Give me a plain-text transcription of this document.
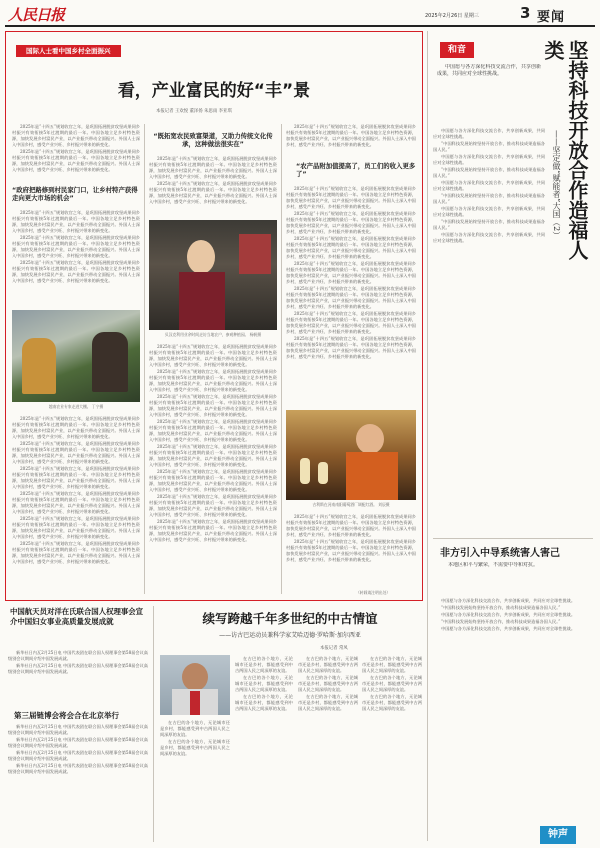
人民日报	2025年2月26日 星期三	3 要闻
国际人士看中国乡村全面振兴
看，产业富民的好“丰”景
本报记者 王欢悦 董泽扬 朱思雨 李亚琪

2025年是“十四五”规划收官之年，是巩固拓展脱贫攻坚成果同乡村振兴有效衔接5年过渡期的最后一年。中国各地立足乡村特色资源，加快发展乡村富民产业，以产业振兴带动全面振兴。外国人士深入中国乡村，感受产业兴旺、乡村振兴带来的新变化。

2025年是“十四五”规划收官之年，是巩固拓展脱贫攻坚成果同乡村振兴有效衔接5年过渡期的最后一年。中国各地立足乡村特色资源，加快发展乡村富民产业，以产业振兴带动全面振兴。外国人士深入中国乡村，感受产业兴旺、乡村振兴带来的新变化。

“政府把路修到村民家门口，让乡村特产获得走向更大市场的机会”

2025年是“十四五”规划收官之年，是巩固拓展脱贫攻坚成果同乡村振兴有效衔接5年过渡期的最后一年。中国各地立足乡村特色资源，加快发展乡村富民产业，以产业振兴带动全面振兴。外国人士深入中国乡村，感受产业兴旺、乡村振兴带来的新变化。

2025年是“十四五”规划收官之年，是巩固拓展脱贫攻坚成果同乡村振兴有效衔接5年过渡期的最后一年。中国各地立足乡村特色资源，加快发展乡村富民产业，以产业振兴带动全面振兴。外国人士深入中国乡村，感受产业兴旺、乡村振兴带来的新变化。

2025年是“十四五”规划收官之年，是巩固拓展脱贫攻坚成果同乡村振兴有效衔接5年过渡期的最后一年。中国各地立足乡村特色资源，加快发展乡村富民产业，以产业振兴带动全面振兴。外国人士深入中国乡村，感受产业兴旺、乡村振兴带来的新变化。

越南农业专家走进大棚。 丁宁摄

2025年是“十四五”规划收官之年，是巩固拓展脱贫攻坚成果同乡村振兴有效衔接5年过渡期的最后一年。中国各地立足乡村特色资源，加快发展乡村富民产业，以产业振兴带动全面振兴。外国人士深入中国乡村，感受产业兴旺、乡村振兴带来的新变化。

2025年是“十四五”规划收官之年，是巩固拓展脱贫攻坚成果同乡村振兴有效衔接5年过渡期的最后一年。中国各地立足乡村特色资源，加快发展乡村富民产业，以产业振兴带动全面振兴。外国人士深入中国乡村，感受产业兴旺、乡村振兴带来的新变化。

2025年是“十四五”规划收官之年，是巩固拓展脱贫攻坚成果同乡村振兴有效衔接5年过渡期的最后一年。中国各地立足乡村特色资源，加快发展乡村富民产业，以产业振兴带动全面振兴。外国人士深入中国乡村，感受产业兴旺、乡村振兴带来的新变化。

2025年是“十四五”规划收官之年，是巩固拓展脱贫攻坚成果同乡村振兴有效衔接5年过渡期的最后一年。中国各地立足乡村特色资源，加快发展乡村富民产业，以产业振兴带动全面振兴。外国人士深入中国乡村，感受产业兴旺、乡村振兴带来的新变化。

2025年是“十四五”规划收官之年，是巩固拓展脱贫攻坚成果同乡村振兴有效衔接5年过渡期的最后一年。中国各地立足乡村特色资源，加快发展乡村富民产业，以产业振兴带动全面振兴。外国人士深入中国乡村，感受产业兴旺、乡村振兴带来的新变化。

2025年是“十四五”规划收官之年，是巩固拓展脱贫攻坚成果同乡村振兴有效衔接5年过渡期的最后一年。中国各地立足乡村特色资源，加快发展乡村富民产业，以产业振兴带动全面振兴。外国人士深入中国乡村，感受产业兴旺、乡村振兴带来的新变化。

“既拓宽农民致富渠道，又助力传统文化传承，这种做法很实在”

2025年是“十四五”规划收官之年，是巩固拓展脱贫攻坚成果同乡村振兴有效衔接5年过渡期的最后一年。中国各地立足乡村特色资源，加快发展乡村富民产业，以产业振兴带动全面振兴。外国人士深入中国乡村，感受产业兴旺、乡村振兴带来的新变化。

2025年是“十四五”规划收官之年，是巩固拓展脱贫攻坚成果同乡村振兴有效衔接5年过渡期的最后一年。中国各地立足乡村特色资源，加快发展乡村富民产业，以产业振兴带动全面振兴。外国人士深入中国乡村，感受产业兴旺、乡村振兴带来的新变化。

贝汉克利用业余时间走访当地农户，参观种植园。 杨帆摄

2025年是“十四五”规划收官之年，是巩固拓展脱贫攻坚成果同乡村振兴有效衔接5年过渡期的最后一年。中国各地立足乡村特色资源，加快发展乡村富民产业，以产业振兴带动全面振兴。外国人士深入中国乡村，感受产业兴旺、乡村振兴带来的新变化。

2025年是“十四五”规划收官之年，是巩固拓展脱贫攻坚成果同乡村振兴有效衔接5年过渡期的最后一年。中国各地立足乡村特色资源，加快发展乡村富民产业，以产业振兴带动全面振兴。外国人士深入中国乡村，感受产业兴旺、乡村振兴带来的新变化。

2025年是“十四五”规划收官之年，是巩固拓展脱贫攻坚成果同乡村振兴有效衔接5年过渡期的最后一年。中国各地立足乡村特色资源，加快发展乡村富民产业，以产业振兴带动全面振兴。外国人士深入中国乡村，感受产业兴旺、乡村振兴带来的新变化。

2025年是“十四五”规划收官之年，是巩固拓展脱贫攻坚成果同乡村振兴有效衔接5年过渡期的最后一年。中国各地立足乡村特色资源，加快发展乡村富民产业，以产业振兴带动全面振兴。外国人士深入中国乡村，感受产业兴旺、乡村振兴带来的新变化。

2025年是“十四五”规划收官之年，是巩固拓展脱贫攻坚成果同乡村振兴有效衔接5年过渡期的最后一年。中国各地立足乡村特色资源，加快发展乡村富民产业，以产业振兴带动全面振兴。外国人士深入中国乡村，感受产业兴旺、乡村振兴带来的新变化。

2025年是“十四五”规划收官之年，是巩固拓展脱贫攻坚成果同乡村振兴有效衔接5年过渡期的最后一年。中国各地立足乡村特色资源，加快发展乡村富民产业，以产业振兴带动全面振兴。外国人士深入中国乡村，感受产业兴旺、乡村振兴带来的新变化。

2025年是“十四五”规划收官之年，是巩固拓展脱贫攻坚成果同乡村振兴有效衔接5年过渡期的最后一年。中国各地立足乡村特色资源，加快发展乡村富民产业，以产业振兴带动全面振兴。外国人士深入中国乡村，感受产业兴旺、乡村振兴带来的新变化。

2025年是“十四五”规划收官之年，是巩固拓展脱贫攻坚成果同乡村振兴有效衔接5年过渡期的最后一年。中国各地立足乡村特色资源，加快发展乡村富民产业，以产业振兴带动全面振兴。外国人士深入中国乡村，感受产业兴旺、乡村振兴带来的新变化。

2025年是“十四五”规划收官之年，是巩固拓展脱贫攻坚成果同乡村振兴有效衔接5年过渡期的最后一年。中国各地立足乡村特色资源，加快发展乡村富民产业，以产业振兴带动全面振兴。外国人士深入中国乡村，感受产业兴旺、乡村振兴带来的新变化。

“农产品附加值提高了，员工们的收入更多了”

2025年是“十四五”规划收官之年，是巩固拓展脱贫攻坚成果同乡村振兴有效衔接5年过渡期的最后一年。中国各地立足乡村特色资源，加快发展乡村富民产业，以产业振兴带动全面振兴。外国人士深入中国乡村，感受产业兴旺、乡村振兴带来的新变化。

2025年是“十四五”规划收官之年，是巩固拓展脱贫攻坚成果同乡村振兴有效衔接5年过渡期的最后一年。中国各地立足乡村特色资源，加快发展乡村富民产业，以产业振兴带动全面振兴。外国人士深入中国乡村，感受产业兴旺、乡村振兴带来的新变化。

2025年是“十四五”规划收官之年，是巩固拓展脱贫攻坚成果同乡村振兴有效衔接5年过渡期的最后一年。中国各地立足乡村特色资源，加快发展乡村富民产业，以产业振兴带动全面振兴。外国人士深入中国乡村，感受产业兴旺、乡村振兴带来的新变化。

2025年是“十四五”规划收官之年，是巩固拓展脱贫攻坚成果同乡村振兴有效衔接5年过渡期的最后一年。中国各地立足乡村特色资源，加快发展乡村富民产业，以产业振兴带动全面振兴。外国人士深入中国乡村，感受产业兴旺、乡村振兴带来的新变化。

2025年是“十四五”规划收官之年，是巩固拓展脱贫攻坚成果同乡村振兴有效衔接5年过渡期的最后一年。中国各地立足乡村特色资源，加快发展乡村富民产业，以产业振兴带动全面振兴。外国人士深入中国乡村，感受产业兴旺、乡村振兴带来的新变化。

2025年是“十四五”规划收官之年，是巩固拓展脱贫攻坚成果同乡村振兴有效衔接5年过渡期的最后一年。中国各地立足乡村特色资源，加快发展乡村富民产业，以产业振兴带动全面振兴。外国人士深入中国乡村，感受产业兴旺、乡村振兴带来的新变化。

2025年是“十四五”规划收官之年，是巩固拓展脱贫攻坚成果同乡村振兴有效衔接5年过渡期的最后一年。中国各地立足乡村特色资源，加快发展乡村富民产业，以产业振兴带动全面振兴。外国人士深入中国乡村，感受产业兴旺、乡村振兴带来的新变化。

吉利斯在河南南阳葡萄酒厂调配红酒。 刘辰摄

2025年是“十四五”规划收官之年，是巩固拓展脱贫攻坚成果同乡村振兴有效衔接5年过渡期的最后一年。中国各地立足乡村特色资源，加快发展乡村富民产业，以产业振兴带动全面振兴。外国人士深入中国乡村，感受产业兴旺、乡村振兴带来的新变化。

2025年是“十四五”规划收官之年，是巩固拓展脱贫攻坚成果同乡村振兴有效衔接5年过渡期的最后一年。中国各地立足乡村特色资源，加快发展乡村富民产业，以产业振兴带动全面振兴。外国人士深入中国乡村，感受产业兴旺、乡村振兴带来的新变化。

（转载请注明出处）
和音	坚持科技开放合作造福人类
——坚定做“赋能者”大国（2）

中国愿与各方深化科技交流合作，共享创新成果，共同应对全球性挑战。

中国愿与各方深化科技交流合作，共享创新成果，共同应对全球性挑战。

“中国科技发展始终坚持开放合作，推动科技成果造福各国人民。”

中国愿与各方深化科技交流合作，共享创新成果，共同应对全球性挑战。

“中国科技发展始终坚持开放合作，推动科技成果造福各国人民。”

中国愿与各方深化科技交流合作，共享创新成果，共同应对全球性挑战。

“中国科技发展始终坚持开放合作，推动科技成果造福各国人民。”

中国愿与各方深化科技交流合作，共享创新成果，共同应对全球性挑战。

“中国科技发展始终坚持开放合作，推动科技成果造福各国人民。”

中国愿与各方深化科技交流合作，共享创新成果，共同应对全球性挑战。

非方引入中导系统害人害己

本地区和平与繁荣，不需要中导和对抗。

中国愿与各方深化科技交流合作，共享创新成果，共同应对全球性挑战。

“中国科技发展始终坚持开放合作，推动科技成果造福各国人民。”

中国愿与各方深化科技交流合作，共享创新成果，共同应对全球性挑战。

“中国科技发展始终坚持开放合作，推动科技成果造福各国人民。”

中国愿与各方深化科技交流合作，共享创新成果，共同应对全球性挑战。

钟声
中国航天员对洋在氏联合国人权理事会宣介中国妇女事业高质量发展成就

新华社日内瓦2月25日电 中国代表团在联合国人权理事会第58届会议高级别会议期间介绍中国发展成就。

新华社日内瓦2月25日电 中国代表团在联合国人权理事会第58届会议高级别会议期间介绍中国发展成就。

第三届链博会将会合在北京举行

新华社日内瓦2月25日电 中国代表团在联合国人权理事会第58届会议高级别会议期间介绍中国发展成就。

新华社日内瓦2月25日电 中国代表团在联合国人权理事会第58届会议高级别会议期间介绍中国发展成就。

新华社日内瓦2月25日电 中国代表团在联合国人权理事会第58届会议高级别会议期间介绍中国发展成就。

新华社日内瓦2月25日电 中国代表团在联合国人权理事会第58届会议高级别会议期间介绍中国发展成就。

续写跨越千年多世纪的中古情谊
——访古巴运动员兼科学家艾哈迈德·罗哈斯·加尔西亚
本报记者 常凤

在古巴的各个地方，无论城市还是乡村，都能感受到中古两国人民之间深厚的友谊。

在古巴的各个地方，无论城市还是乡村，都能感受到中古两国人民之间深厚的友谊。

在古巴的各个地方，无论城市还是乡村，都能感受到中古两国人民之间深厚的友谊。

在古巴的各个地方，无论城市还是乡村，都能感受到中古两国人民之间深厚的友谊。

在古巴的各个地方，无论城市还是乡村，都能感受到中古两国人民之间深厚的友谊。

在古巴的各个地方，无论城市还是乡村，都能感受到中古两国人民之间深厚的友谊。

在古巴的各个地方，无论城市还是乡村，都能感受到中古两国人民之间深厚的友谊。

在古巴的各个地方，无论城市还是乡村，都能感受到中古两国人民之间深厚的友谊。

在古巴的各个地方，无论城市还是乡村，都能感受到中古两国人民之间深厚的友谊。

在古巴的各个地方，无论城市还是乡村，都能感受到中古两国人民之间深厚的友谊。

在古巴的各个地方，无论城市还是乡村，都能感受到中古两国人民之间深厚的友谊。
